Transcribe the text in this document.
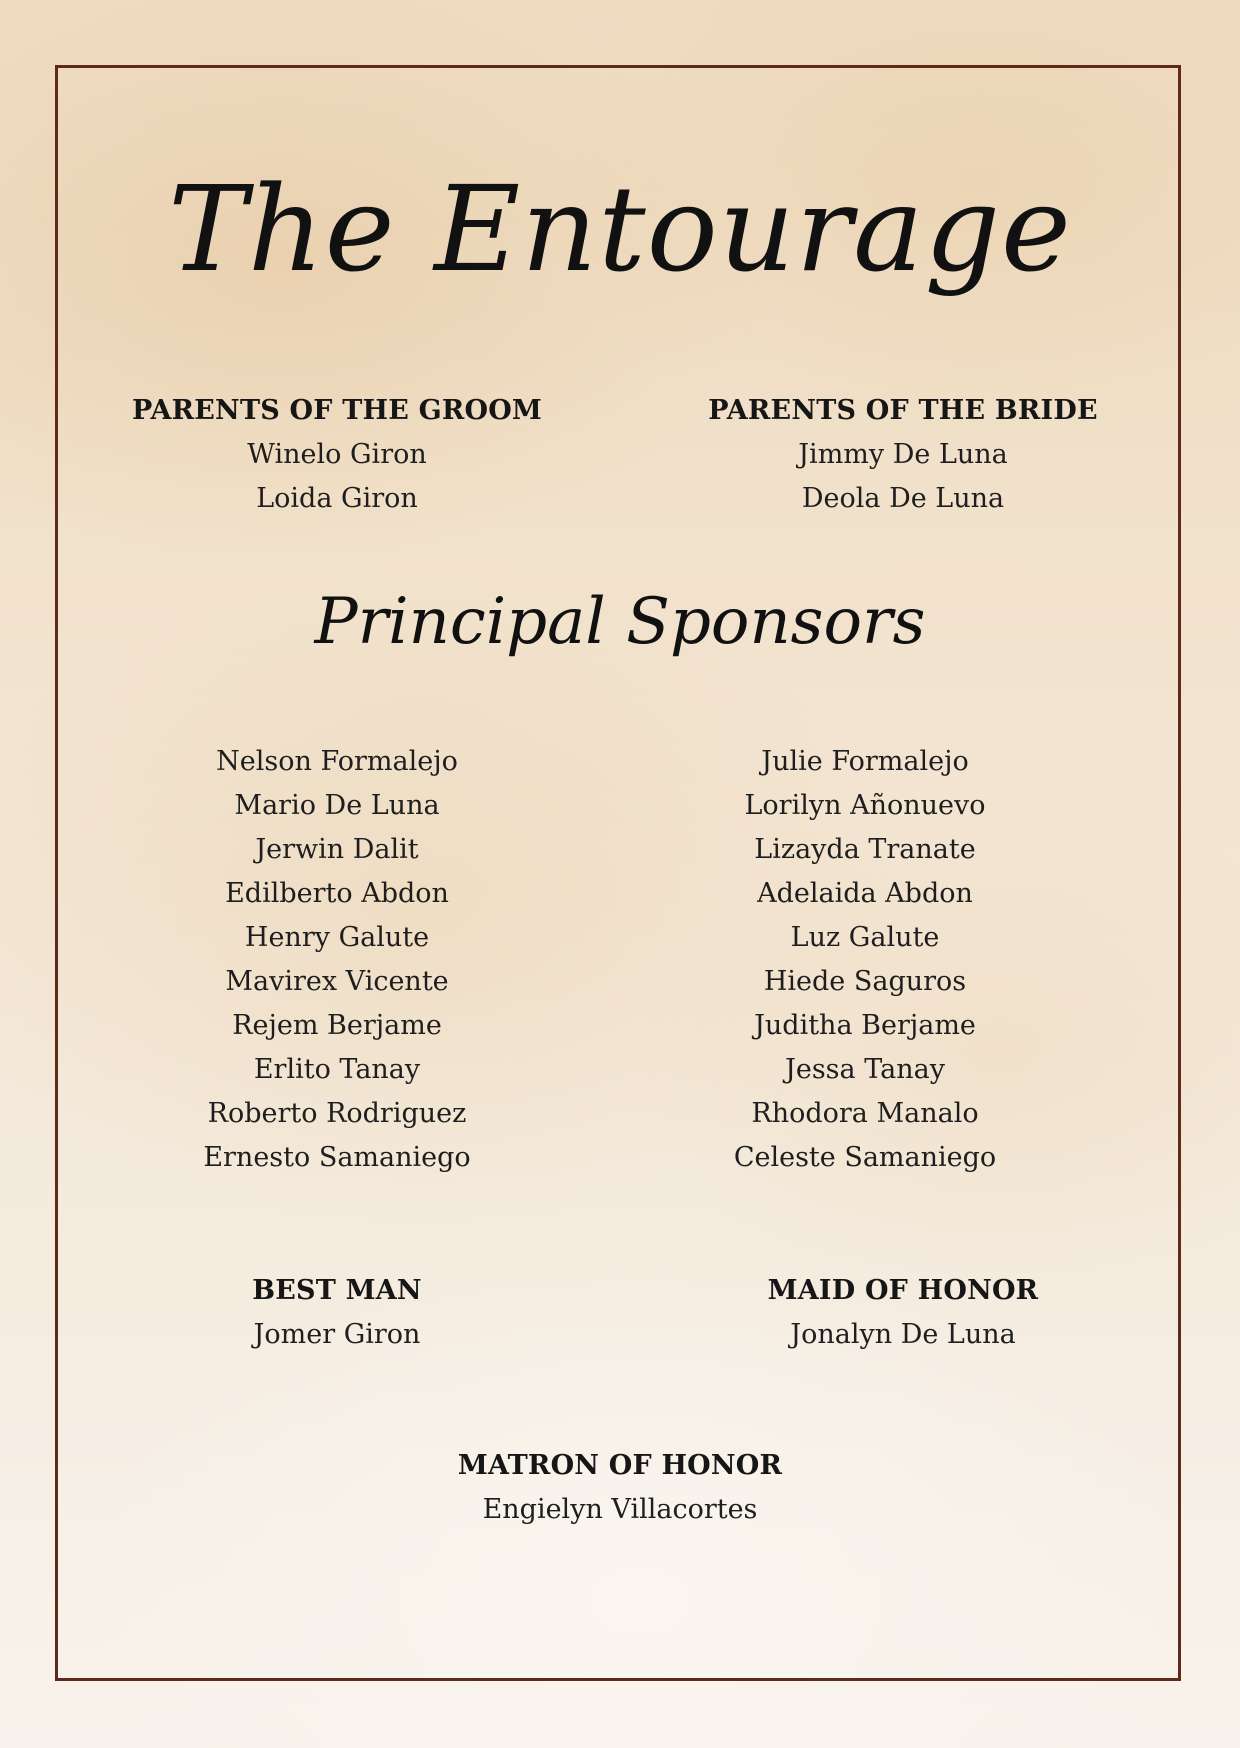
The Entourage
PARENTS OF THE GROOM
Winelo Giron
Loida Giron
PARENTS OF THE BRIDE
Jimmy De Luna
Deola De Luna
Principal Sponsors
Nelson Formalejo
Mario De Luna
Jerwin Dalit
Edilberto Abdon
Henry Galute
Mavirex Vicente
Rejem Berjame
Erlito Tanay
Roberto Rodriguez
Ernesto Samaniego
Julie Formalejo
Lorilyn Añonuevo
Lizayda Tranate
Adelaida Abdon
Luz Galute
Hiede Saguros
Juditha Berjame
Jessa Tanay
Rhodora Manalo
Celeste Samaniego
BEST MAN
Jomer Giron
MAID OF HONOR
Jonalyn De Luna
MATRON OF HONOR
Engielyn Villacortes
